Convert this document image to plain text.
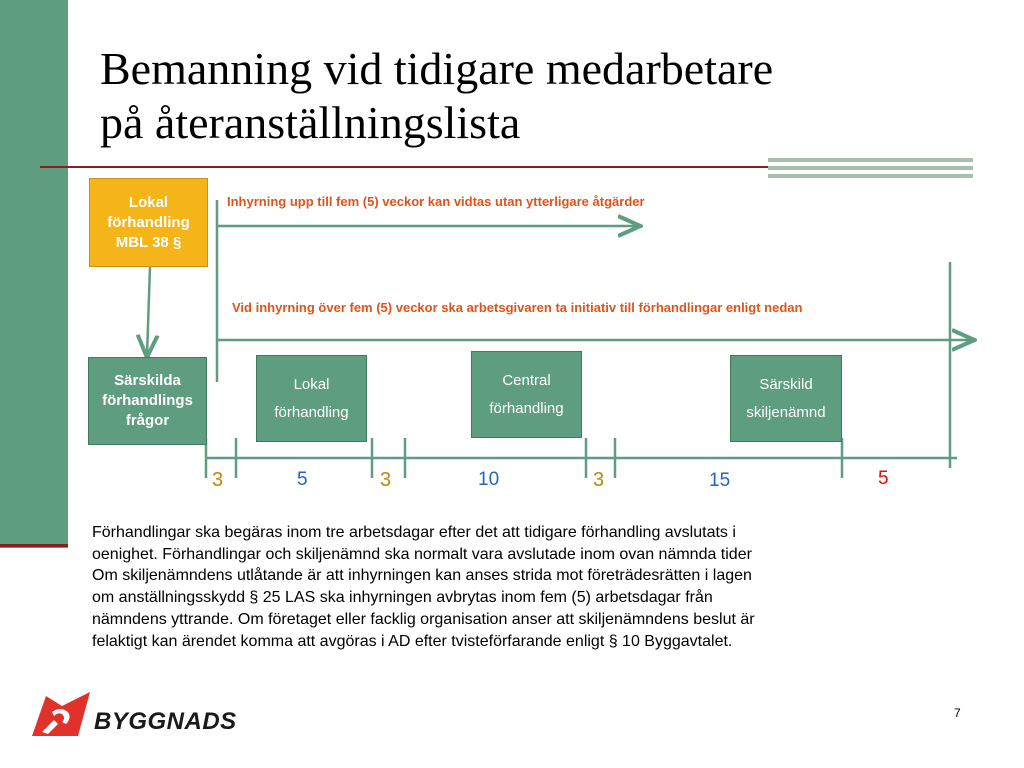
Bemanning vid tidigare medarbetare
på återanställningslista
Lokal
förhandling
MBL 38 §
Särskilda
förhandlings
frågor
Lokal
förhandling
Central
förhandling
Särskild
skiljenämnd
Inhyrning upp till fem (5) veckor kan vidtas utan ytterligare åtgärder
Vid inhyrning över fem (5) veckor ska arbetsgivaren ta initiativ till förhandlingar enligt nedan
3	5	3	10	3	15	5
Förhandlingar ska begäras inom tre arbetsdagar efter det att tidigare förhandling avslutats i
oenighet. Förhandlingar och skiljenämnd ska normalt vara avslutade inom ovan nämnda tider
Om skiljenämndens utlåtande är att inhyrningen kan anses strida mot företrädesrätten i lagen
om anställningsskydd § 25 LAS ska inhyrningen avbrytas inom fem (5) arbetsdagar från
nämndens yttrande. Om företaget eller facklig organisation anser att skiljenämndens beslut är
felaktigt kan ärendet komma att avgöras i AD efter tvisteförfarande enligt § 10 Byggavtalet.
BYGGNADS	7
